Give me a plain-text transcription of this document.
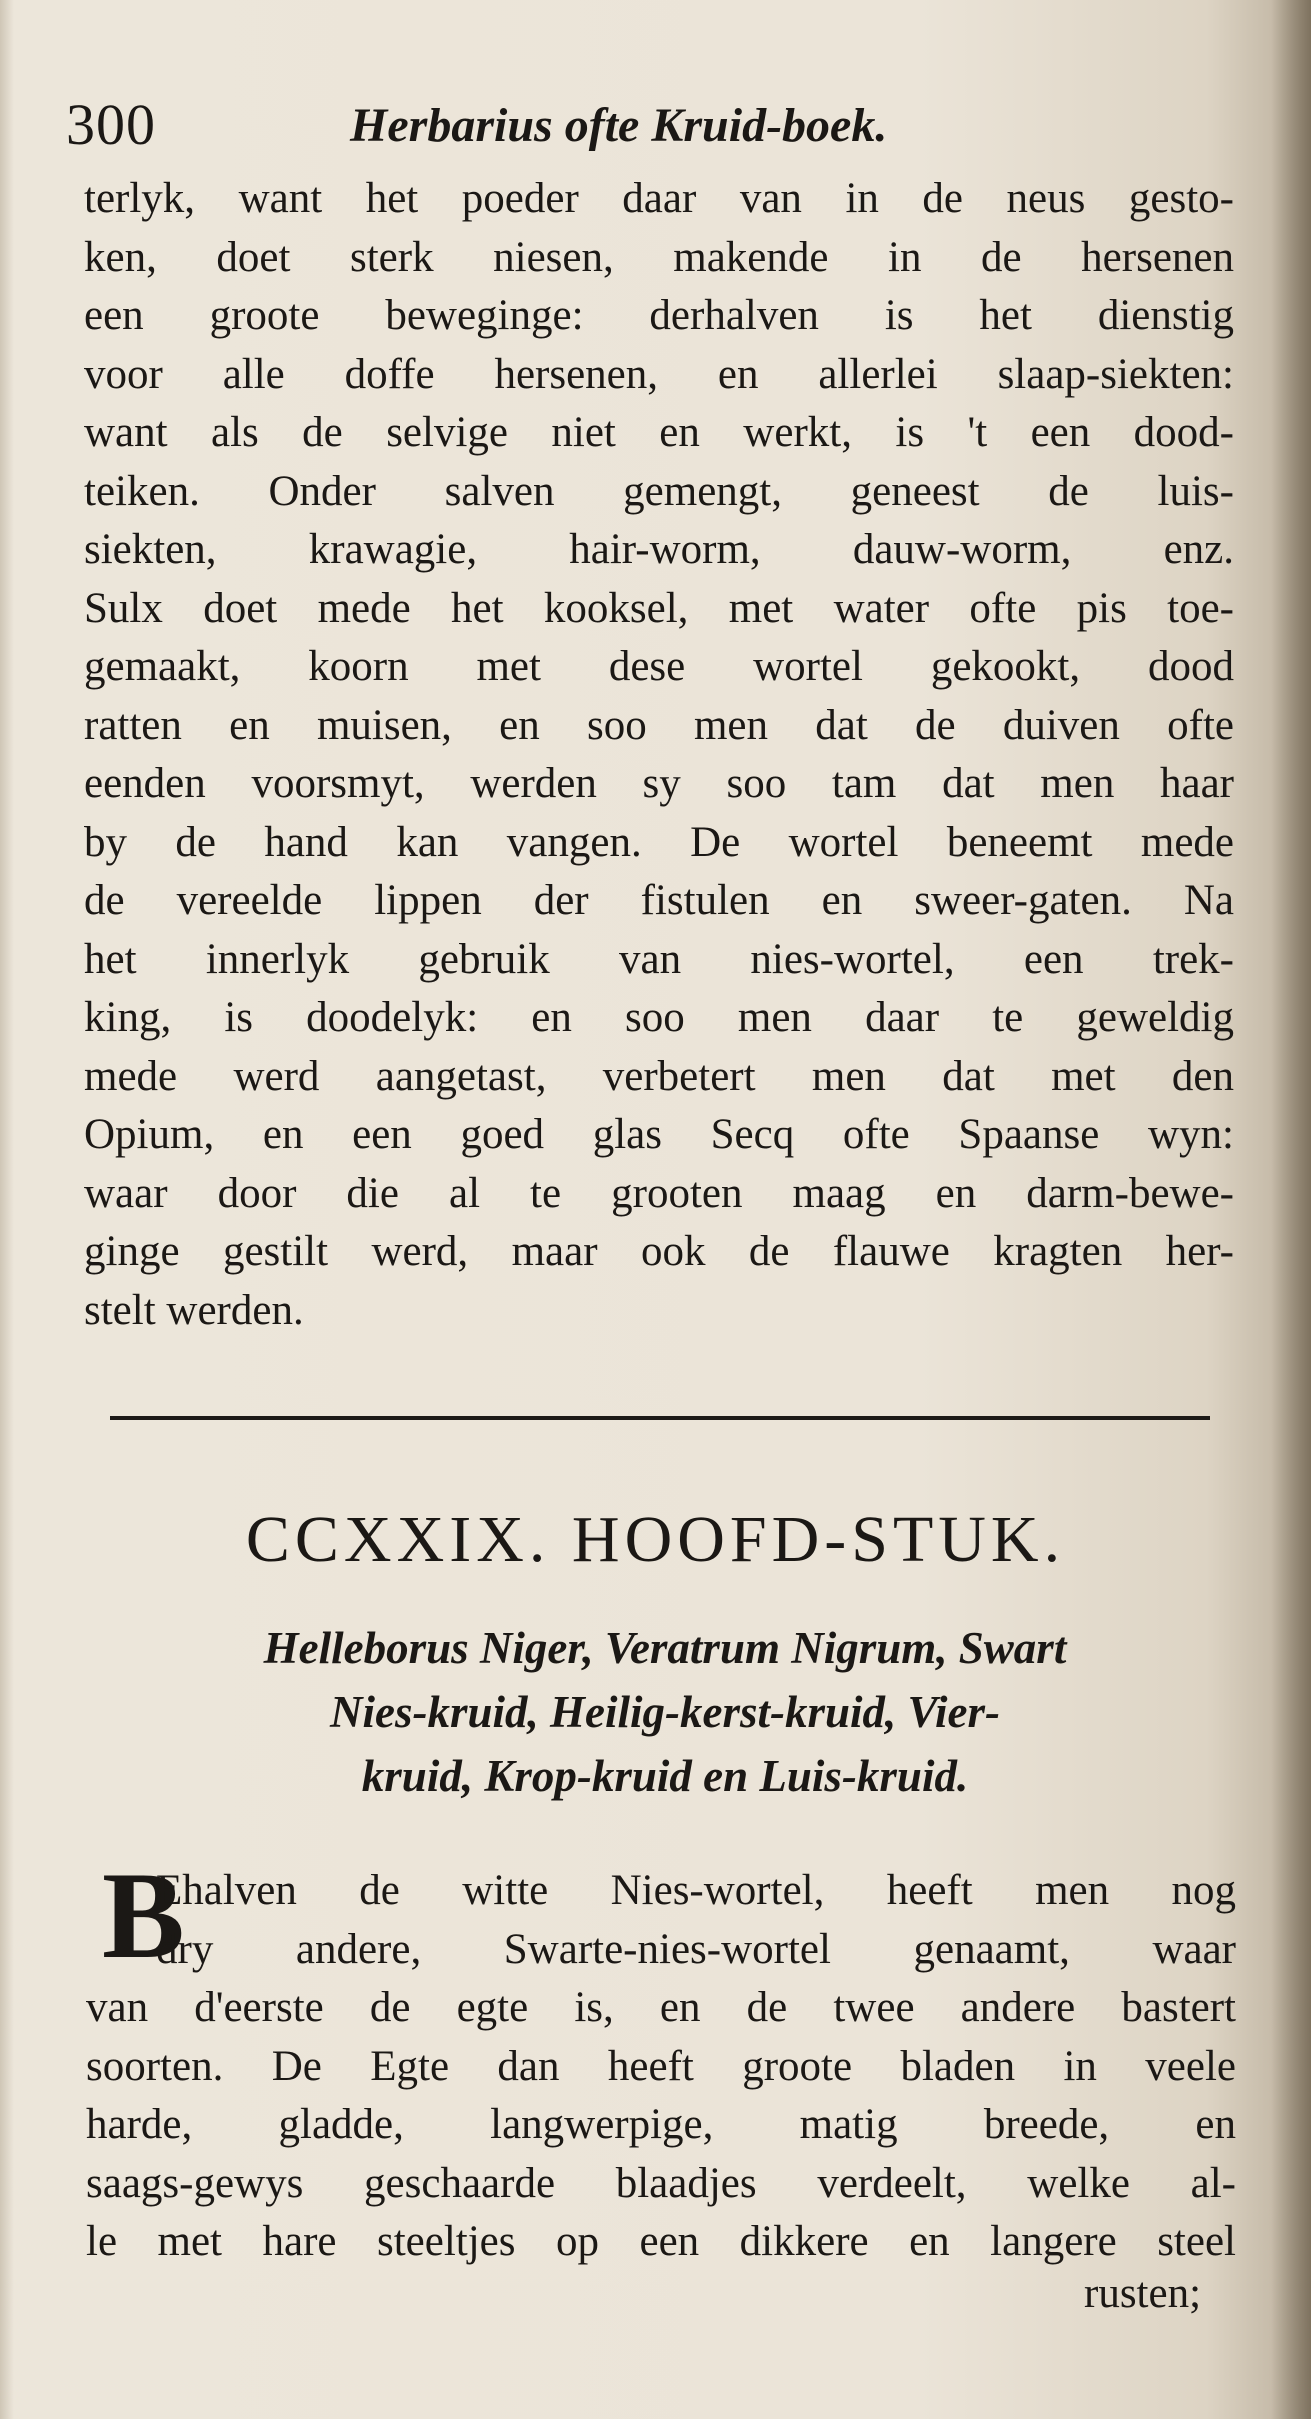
300	Herbarius ofte Kruid-boek.
terlyk, want het poeder daar van in de neus gesto-
ken, doet sterk niesen, makende in de hersenen
een groote beweginge: derhalven is het dienstig
voor alle doffe hersenen, en allerlei slaap-siekten:
want als de selvige niet en werkt, is 't een dood-
teiken. Onder salven gemengt, geneest de luis-
siekten, krawagie, hair-worm, dauw-worm, enz.
Sulx doet mede het kooksel, met water ofte pis toe-
gemaakt, koorn met dese wortel gekookt, dood
ratten en muisen, en soo men dat de duiven ofte
eenden voorsmyt, werden sy soo tam dat men haar
by de hand kan vangen. De wortel beneemt mede
de vereelde lippen der fistulen en sweer-gaten. Na
het innerlyk gebruik van nies-wortel, een trek-
king, is doodelyk: en soo men daar te geweldig
mede werd aangetast, verbetert men dat met den
Opium, en een goed glas Secq ofte Spaanse wyn:
waar door die al te grooten maag en darm-bewe-
ginge gestilt werd, maar ook de flauwe kragten her-
stelt werden.
CCXXIX. HOOFD-STUK.
Helleborus Niger, Veratrum Nigrum, Swart
Nies-kruid, Heilig-kerst-kruid, Vier-
kruid, Krop-kruid en Luis-kruid.
B
Ehalven de witte Nies-wortel, heeft men nog
dry andere, Swarte-nies-wortel genaamt, waar
van d'eerste de egte is, en de twee andere bastert
soorten. De Egte dan heeft groote bladen in veele
harde, gladde, langwerpige, matig breede, en
saags-gewys geschaarde blaadjes verdeelt, welke al-
le met hare steeltjes op een dikkere en langere steel
rusten;
